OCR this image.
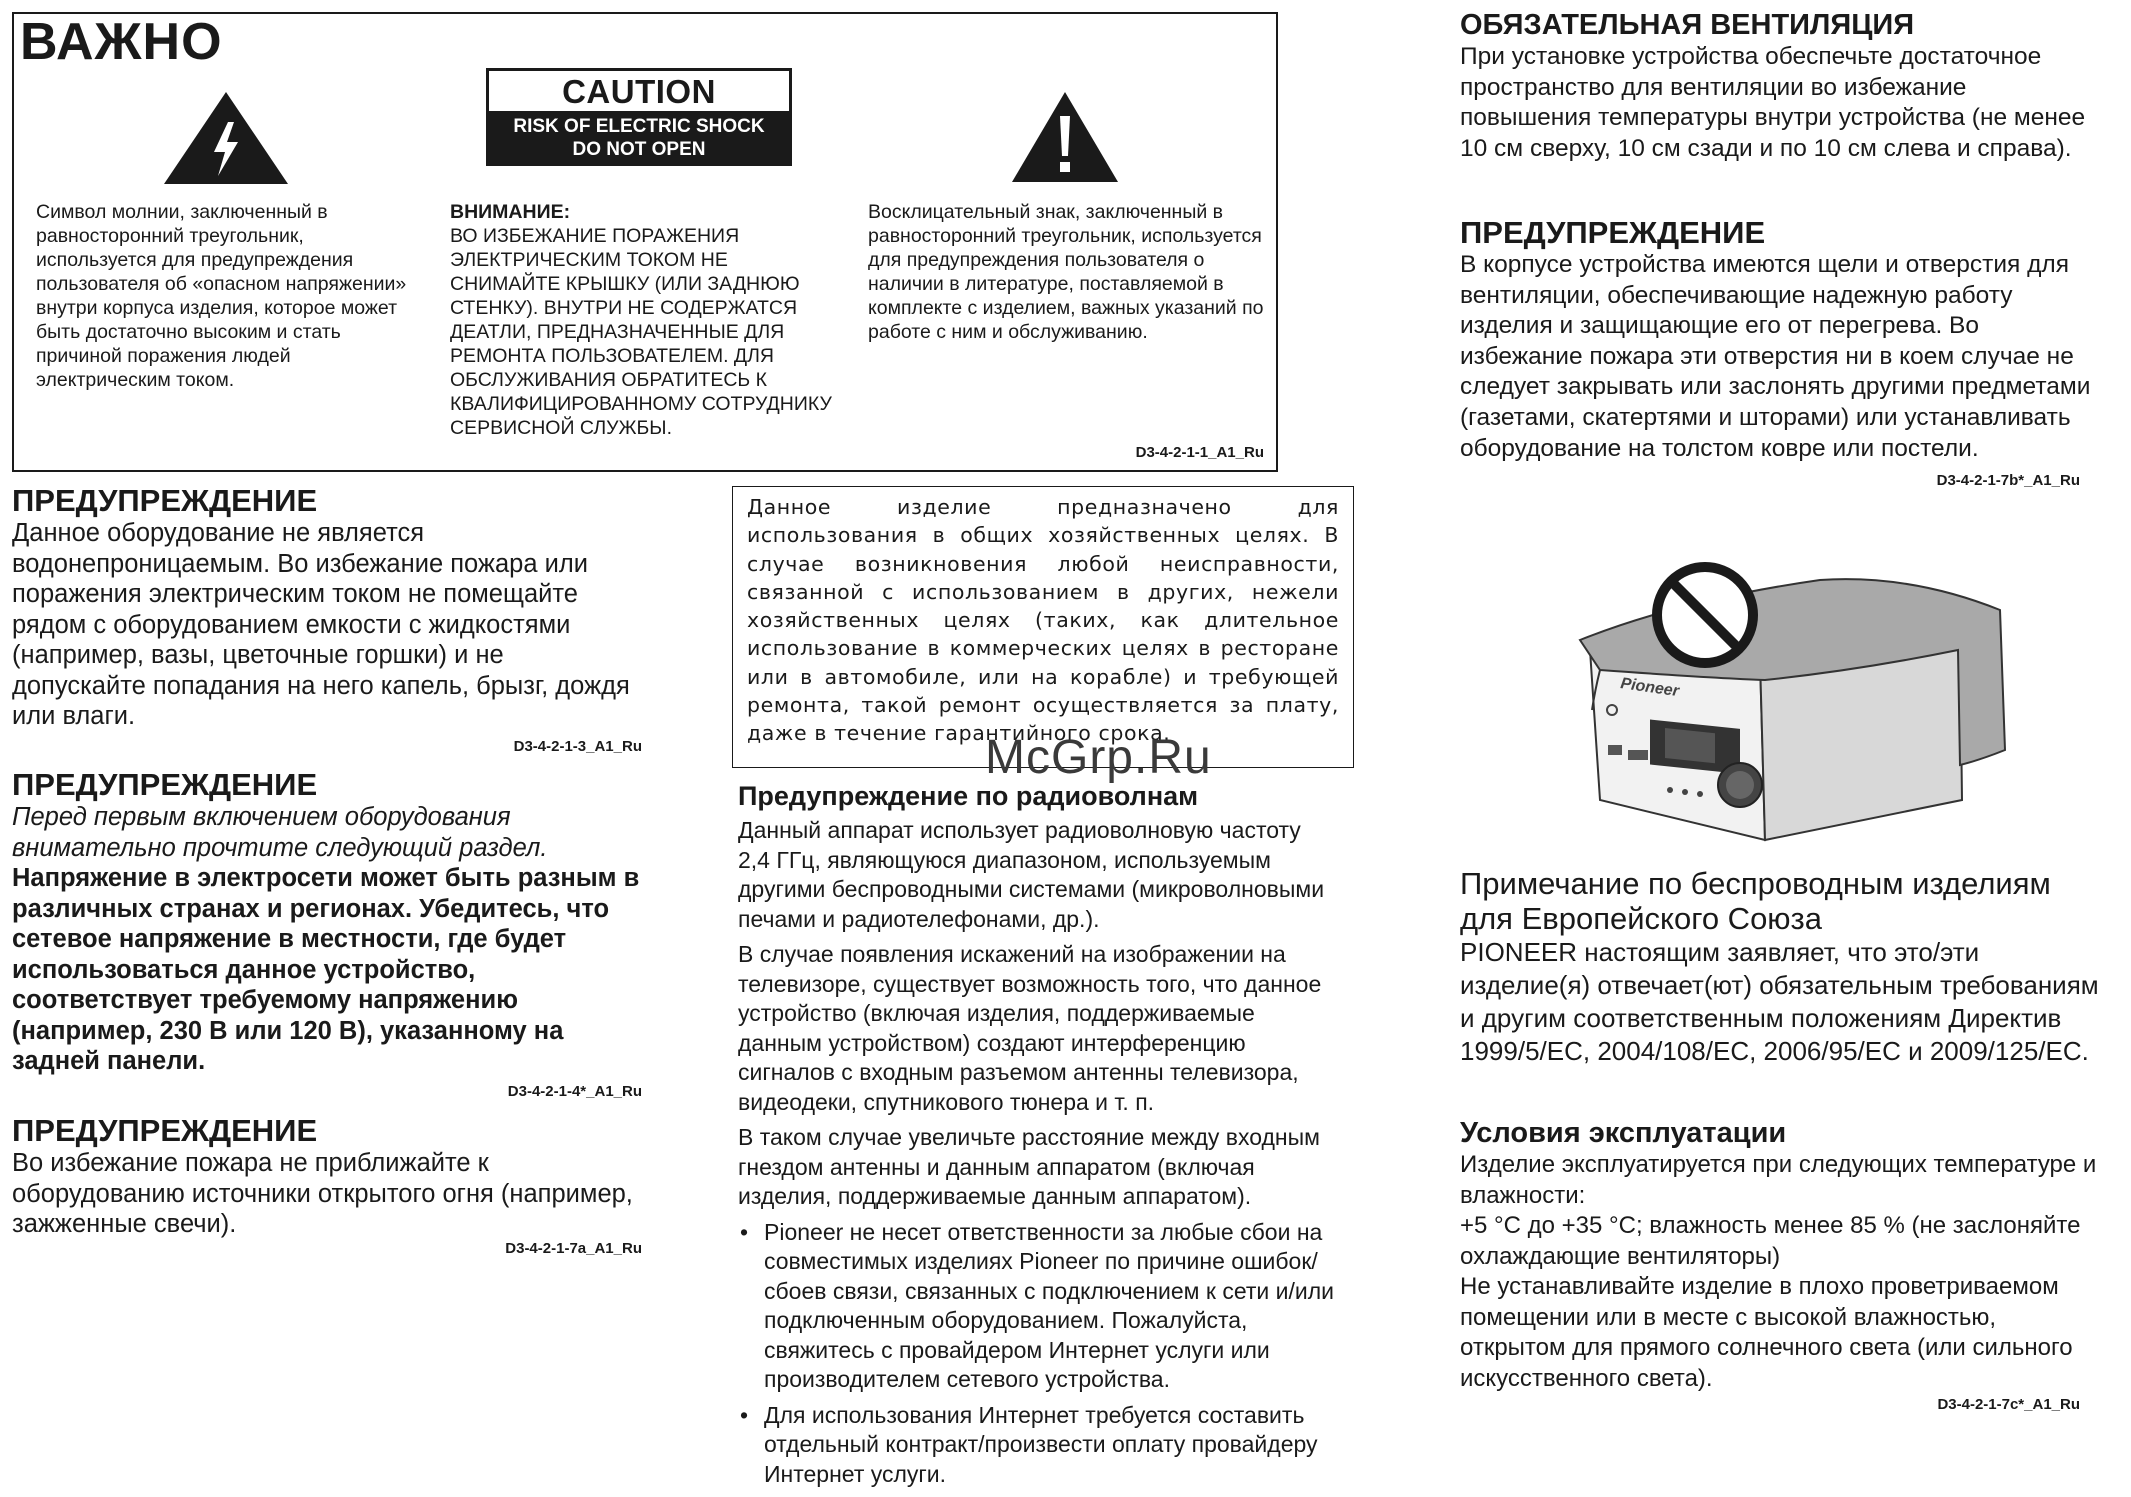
ВАЖНО
Символ молнии, заключенный в равносторонний треугольник, используется для предупреждения пользователя об «опасном напряжении» внутри корпуса изделия, которое может быть достаточно высоким и стать причиной поражения людей электрическим током.
CAUTION
RISK OF ELECTRIC SHOCK
DO NOT OPEN
ВНИМАНИЕ:
ВО ИЗБЕЖАНИЕ ПОРАЖЕНИЯ ЭЛЕКТРИЧЕСКИМ ТОКОМ НЕ СНИМАЙТЕ КРЫШКУ (ИЛИ ЗАДНЮЮ СТЕНКУ). ВНУТРИ НЕ СОДЕРЖАТСЯ ДЕАТЛИ, ПРЕДНАЗНАЧЕННЫЕ ДЛЯ РЕМОНТА ПОЛЬЗОВАТЕЛЕМ. ДЛЯ ОБСЛУЖИВАНИЯ ОБРАТИТЕСЬ К КВАЛИФИЦИРОВАННОМУ СОТРУДНИКУ СЕРВИСНОЙ СЛУЖБЫ.
Восклицательный знак, заключенный в равносторонний треугольник, используется для предупреждения пользователя о наличии в литературе, поставляемой в комплекте с изделием, важных указаний по работе с ним и обслуживанию.
D3-4-2-1-1_A1_Ru
ПРЕДУПРЕЖДЕНИЕ

Данное оборудование не является водонепроницаемым. Во избежание пожара или поражения электрическим током не помещайте рядом с оборудованием емкости с жидкостями (например, вазы, цветочные горшки) и не допускайте попадания на него капель, брызг, дождя или влаги.

D3-4-2-1-3_A1_Ru
ПРЕДУПРЕЖДЕНИЕ

Перед первым включением оборудования внимательно прочтите следующий раздел.

Напряжение в электросети может быть разным в различных странах и регионах. Убедитесь, что сетевое напряжение в местности, где будет использоваться данное устройство, соответствует требуемому напряжению (например, 230 В или 120 В), указанному на задней панели.

D3-4-2-1-4*_A1_Ru
ПРЕДУПРЕЖДЕНИЕ

Во избежание пожара не приближайте к оборудованию источники открытого огня (например, зажженные свечи).

D3-4-2-1-7a_A1_Ru

Данное изделие предназначено для использования в общих хозяйственных целях. В случае возникновения любой неисправности, связанной с использованием в других, нежели хозяйственных целях (таких, как длительное использование в коммерческих целях в ресторане или в автомобиле, или на корабле) и требующей ремонта, такой ремонт осуществляется за плату, даже в течение гарантийного срока.

McGrp.Ru
Предупреждение по радиоволнам

Данный аппарат использует радиоволновую частоту 2,4 ГГц, являющуюся диапазоном, используемым другими беспроводными системами (микроволновыми печами и радиотелефонами, др.).

В случае появления искажений на изображении на телевизоре, существует возможность того, что данное устройство (включая изделия, поддерживаемые данным устройством) создают интерференцию сигналов с входным разъемом антенны телевизора, видеодеки, спутникового тюнера и т. п.

В таком случае увеличьте расстояние между входным гнездом антенны и данным аппаратом (включая изделия, поддерживаемые данным аппаратом).

• Pioneer не несет ответственности за любые сбои на совместимых изделиях Pioneer по причине ошибок/сбоев связи, связанных с подключением к сети и/или подключенным оборудованием. Пожалуйста, свяжитесь с провайдером Интернет услуги или производителем сетевого устройства.
• Для использования Интернет требуется составить отдельный контракт/произвести оплату провайдеру Интернет услуги.
ОБЯЗАТЕЛЬНАЯ ВЕНТИЛЯЦИЯ

При установке устройства обеспечьте достаточное пространство для вентиляции во избежание повышения температуры внутри устройства (не менее 10 см сверху, 10 см сзади и по 10 см слева и справа).

ПРЕДУПРЕЖДЕНИЕ

В корпусе устройства имеются щели и отверстия для вентиляции, обеспечивающие надежную работу изделия и защищающие его от перегрева. Во избежание пожара эти отверстия ни в коем случае не следует закрывать или заслонять другими предметами (газетами, скатертями и шторами) или устанавливать оборудование на толстом ковре или постели.

D3-4-2-1-7b*_A1_Ru
Pioneer
Примечание по беспроводным изделиям для Европейского Союза

PIONEER настоящим заявляет, что это/эти изделие(я) отвечает(ют) обязательным требованиям и другим соответственным положениям Директив 1999/5/EC, 2004/108/EC, 2006/95/EC и 2009/125/EC.

Условия эксплуатации

Изделие эксплуатируется при следующих температуре и влажности:

+5 °C до +35 °C; влажность менее 85 % (не заслоняйте охлаждающие вентиляторы)

Не устанавливайте изделие в плохо проветриваемом помещении или в месте с высокой влажностью, открытом для прямого солнечного света (или сильного искусственного света).

D3-4-2-1-7c*_A1_Ru
